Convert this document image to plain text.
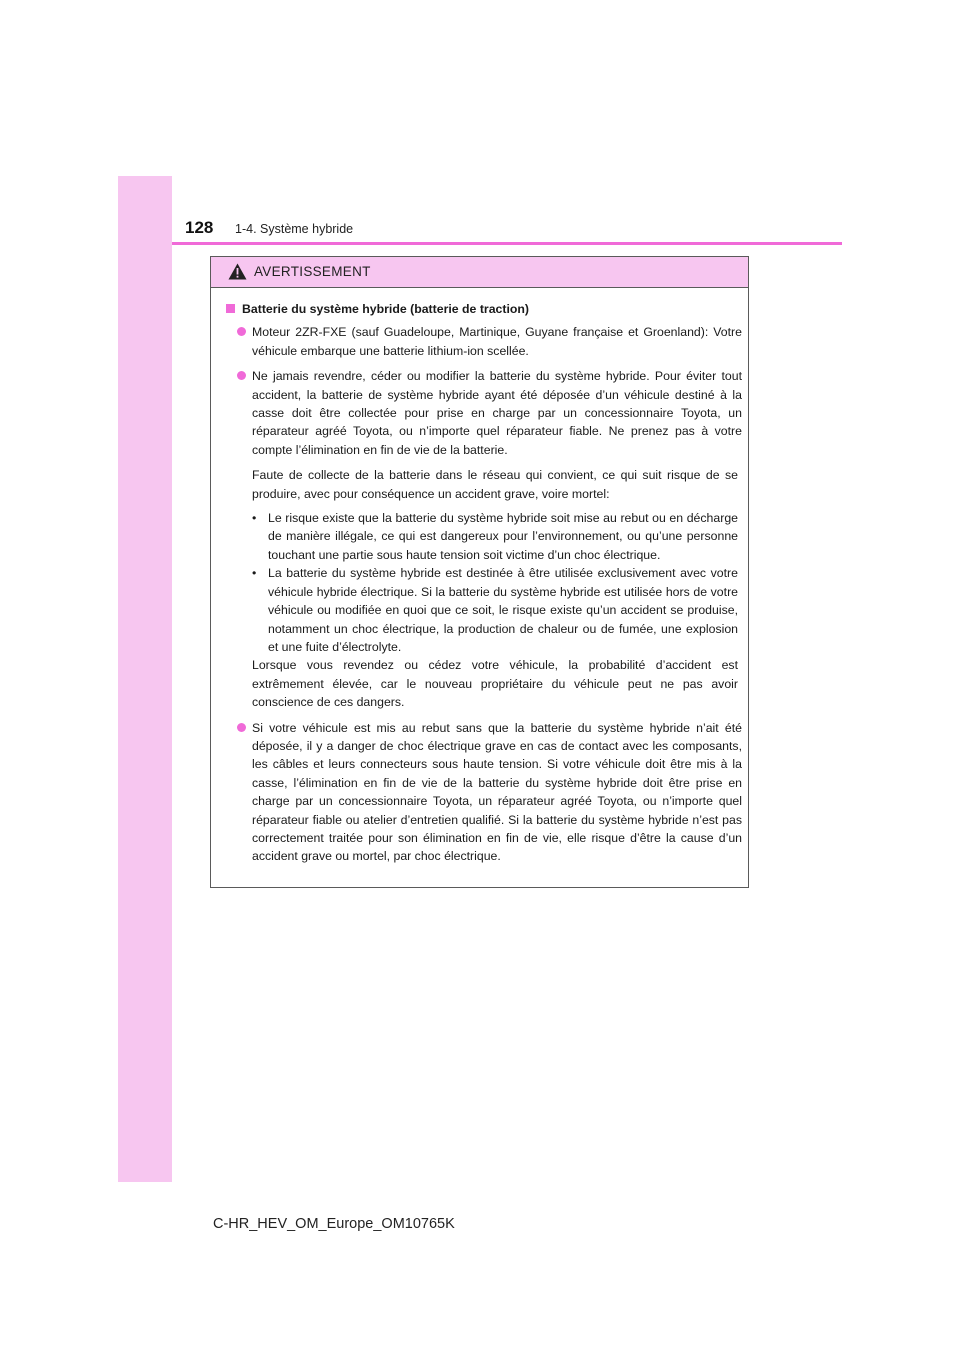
128 1-4. Système hybride
AVERTISSEMENT
Batterie du système hybride (batterie de traction)
Moteur 2ZR-FXE (sauf Guadeloupe, Martinique, Guyane française et Groenland): Votre véhicule embarque une batterie lithium-ion scellée.
Ne jamais revendre, céder ou modifier la batterie du système hybride. Pour éviter tout accident, la batterie de système hybride ayant été déposée d’un véhicule destiné à la casse doit être collectée pour prise en charge par un concessionnaire Toyota, un réparateur agréé Toyota, ou n’importe quel réparateur fiable. Ne prenez pas à votre compte l’élimination en fin de vie de la batterie.
Faute de collecte de la batterie dans le réseau qui convient, ce qui suit risque de se produire, avec pour conséquence un accident grave, voire mortel:
• Le risque existe que la batterie du système hybride soit mise au rebut ou en décharge de manière illégale, ce qui est dangereux pour l’environnement, ou qu’une personne touchant une partie sous haute tension soit victime d’un choc électrique.
• La batterie du système hybride est destinée à être utilisée exclusivement avec votre véhicule hybride électrique. Si la batterie du système hybride est utilisée hors de votre véhicule ou modifiée en quoi que ce soit, le risque existe qu’un accident se produise, notamment un choc électrique, la production de chaleur ou de fumée, une explosion et une fuite d’électrolyte.
Lorsque vous revendez ou cédez votre véhicule, la probabilité d’accident est extrêmement élevée, car le nouveau propriétaire du véhicule peut ne pas avoir conscience de ces dangers.
Si votre véhicule est mis au rebut sans que la batterie du système hybride n’ait été déposée, il y a danger de choc électrique grave en cas de contact avec les composants, les câbles et leurs connecteurs sous haute tension. Si votre véhicule doit être mis à la casse, l’élimination en fin de vie de la batterie du système hybride doit être prise en charge par un concessionnaire Toyota, un réparateur agréé Toyota, ou n’importe quel réparateur fiable ou atelier d’entretien qualifié. Si la batterie du système hybride n’est pas correctement traitée pour son élimination en fin de vie, elle risque d’être la cause d’un accident grave ou mortel, par choc électrique.
C-HR_HEV_OM_Europe_OM10765K
